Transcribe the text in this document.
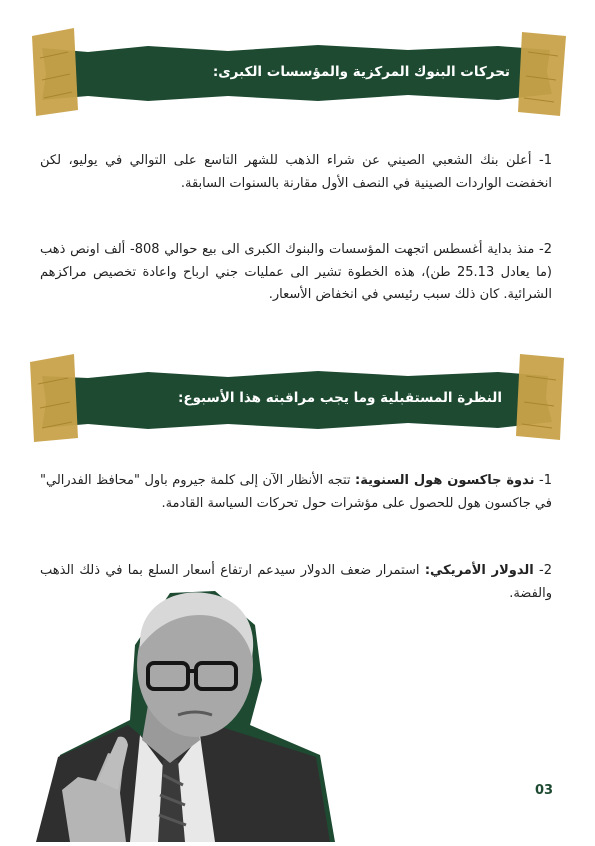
تحركات البنوك المركزية والمؤسسات الكبرى:
1- أعلن بنك الشعبي الصيني عن شراء الذهب للشهر التاسع على التوالي في يوليو، لكن انخفضت الواردات الصينية في النصف الأول مقارنة بالسنوات السابقة.
2- منذ بداية أغسطس اتجهت المؤسسات والبنوك الكبرى الى بيع حوالي 808- ألف اونص ذهب (ما يعادل 25.13 طن)، هذه الخطوة تشير الى عمليات جني ارباح واعادة تخصيص مراكزهم الشرائية. كان ذلك سبب رئيسي في انخفاض الأسعار.
النظرة المستقبلية وما يجب مراقبته هذا الأسبوع:
1- ندوة جاكسون هول السنوية: تتجه الأنظار الآن إلى كلمة جيروم باول "محافظ الفدرالي" في جاكسون هول للحصول على مؤشرات حول تحركات السياسة القادمة.
2- الدولار الأمريكي: استمرار ضعف الدولار سيدعم ارتفاع أسعار السلع بما في ذلك الذهب والفضة.
03
